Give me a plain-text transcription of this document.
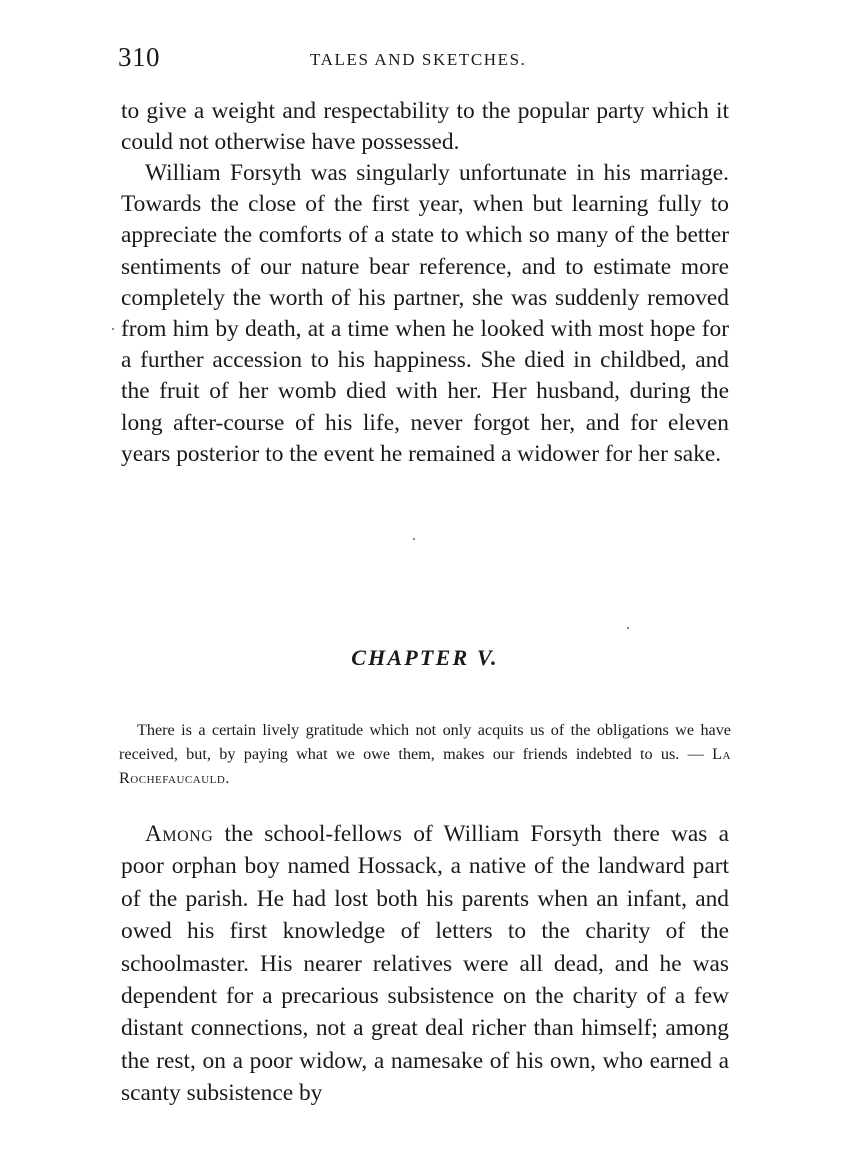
310	TALES AND SKETCHES.

to give a weight and respectability to the popular party which it could not otherwise have possessed.

William Forsyth was singularly unfortunate in his marriage. Towards the close of the first year, when but learning fully to appreciate the comforts of a state to which so many of the better sentiments of our nature bear reference, and to estimate more completely the worth of his partner, she was suddenly removed from him by death, at a time when he looked with most hope for a further accession to his happiness. She died in childbed, and the fruit of her womb died with her. Her husband, during the long after-course of his life, never forgot her, and for eleven years posterior to the event he remained a widower for her sake.

CHAPTER V.

There is a certain lively gratitude which not only acquits us of the obligations we have received, but, by paying what we owe them, makes our friends indebted to us. — La Rochefaucauld.

Among the school-fellows of William Forsyth there was a poor orphan boy named Hossack, a native of the landward part of the parish. He had lost both his parents when an infant, and owed his first knowledge of letters to the charity of the schoolmaster. His nearer relatives were all dead, and he was dependent for a precarious subsistence on the charity of a few distant connections, not a great deal richer than himself; among the rest, on a poor widow, a namesake of his own, who earned a scanty subsistence by
